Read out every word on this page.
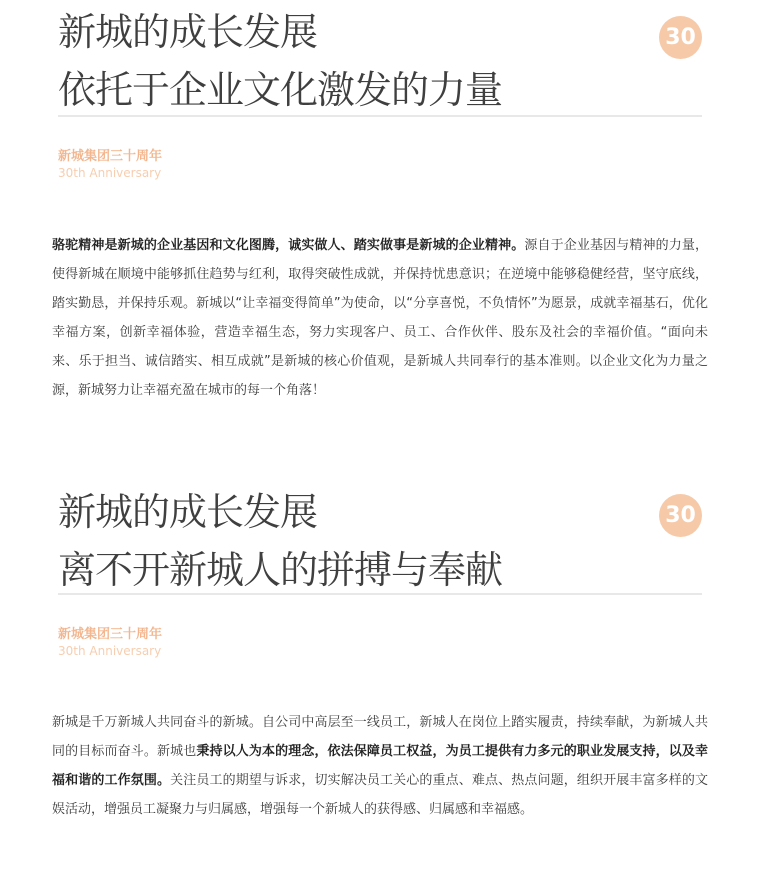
新城的成长发展
依托于企业文化激发的力量
30
新城集团三十周年
30th Anniversary

骆驼精神是新城的企业基因和文化图腾，诚实做人、踏实做事是新城的企业精神。源自于企业基因与精神的力量，使得新城在顺境中能够抓住趋势与红利，取得突破性成就，并保持忧患意识；在逆境中能够稳健经营，坚守底线，踏实勤恳，并保持乐观。新城以“让幸福变得简单”为使命，以“分享喜悦，不负情怀”为愿景，成就幸福基石，优化幸福方案，创新幸福体验，营造幸福生态，努力实现客户、员工、合作伙伴、股东及社会的幸福价值。“面向未来、乐于担当、诚信踏实、相互成就”是新城的核心价值观，是新城人共同奉行的基本准则。以企业文化为力量之源，新城努力让幸福充盈在城市的每一个角落！

新城的成长发展
离不开新城人的拼搏与奉献
30
新城集团三十周年
30th Anniversary

新城是千万新城人共同奋斗的新城。自公司中高层至一线员工，新城人在岗位上踏实履责，持续奉献，为新城人共同的目标而奋斗。新城也秉持以人为本的理念，依法保障员工权益，为员工提供有力多元的职业发展支持，以及幸福和谐的工作氛围。关注员工的期望与诉求，切实解决员工关心的重点、难点、热点问题，组织开展丰富多样的文娱活动，增强员工凝聚力与归属感，增强每一个新城人的获得感、归属感和幸福感。
